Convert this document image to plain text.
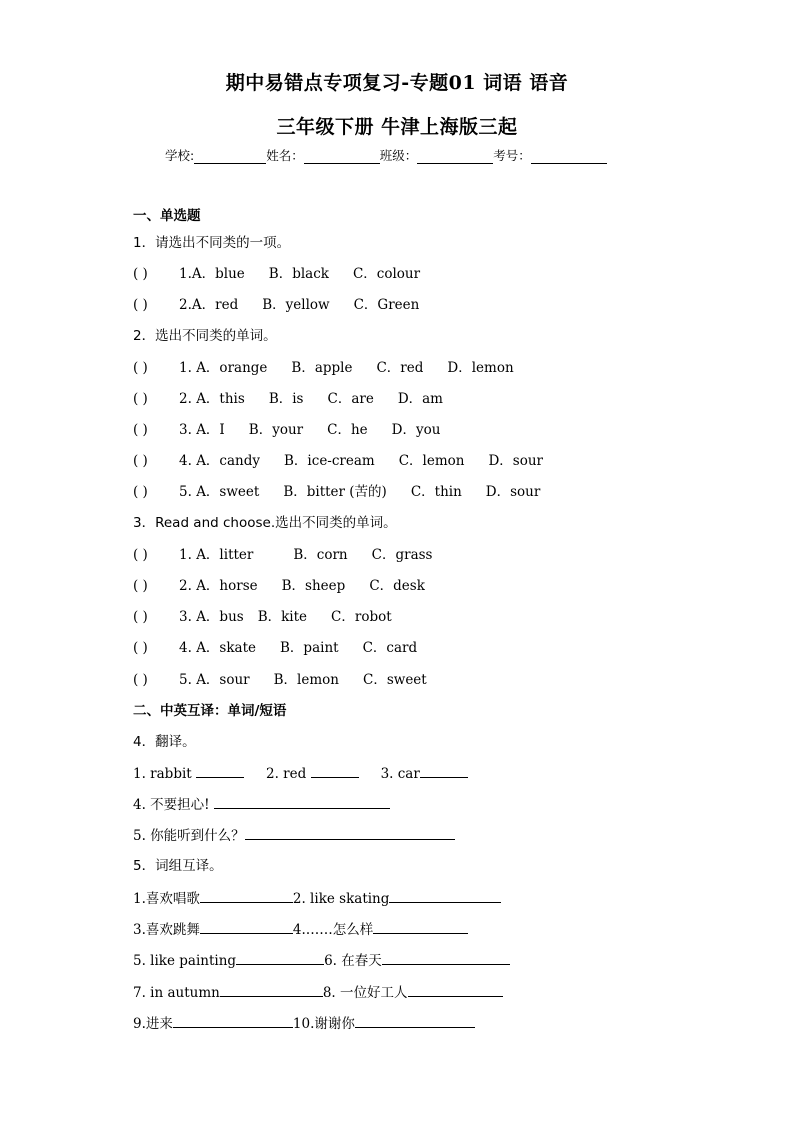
期中易错点专项复习-专题01 词语 语音
三年级下册 牛津上海版三起
学校:	姓名：	班级：	考号：
一、单选题
1．请选出不同类的一项。
( ) 1.A．blue B．black C．colour
( ) 2.A．red B．yellow C．Green
2．选出不同类的单词。
( ) 1. A．orange B．apple C．red D．lemon
( ) 2. A．this B．is C．are D．am
( ) 3. A．I B．your C．he D．you
( ) 4. A．candy B．ice-cream C．lemon D．sour
( ) 5. A．sweet B．bitter (苦的) C．thin D．sour
3．Read and choose.选出不同类的单词。
( ) 1. A．litter	B．corn C．grass
( ) 2. A．horse B．sheep C．desk
( ) 3. A．bus B．kite C．robot
( ) 4. A．skate B．paint C．card
( ) 5. A．sour B．lemon C．sweet
二、中英互译：单词/短语
4．翻译。
1. rabbit	2. red	3. car
4. 不要担心!
5. 你能听到什么？
5．词组互译。
1.喜欢唱歌	2. like skating
3.喜欢跳舞	4.……怎么样
5. like painting	6. 在春天
7. in autumn	8. 一位好工人
9.进来	10.谢谢你
